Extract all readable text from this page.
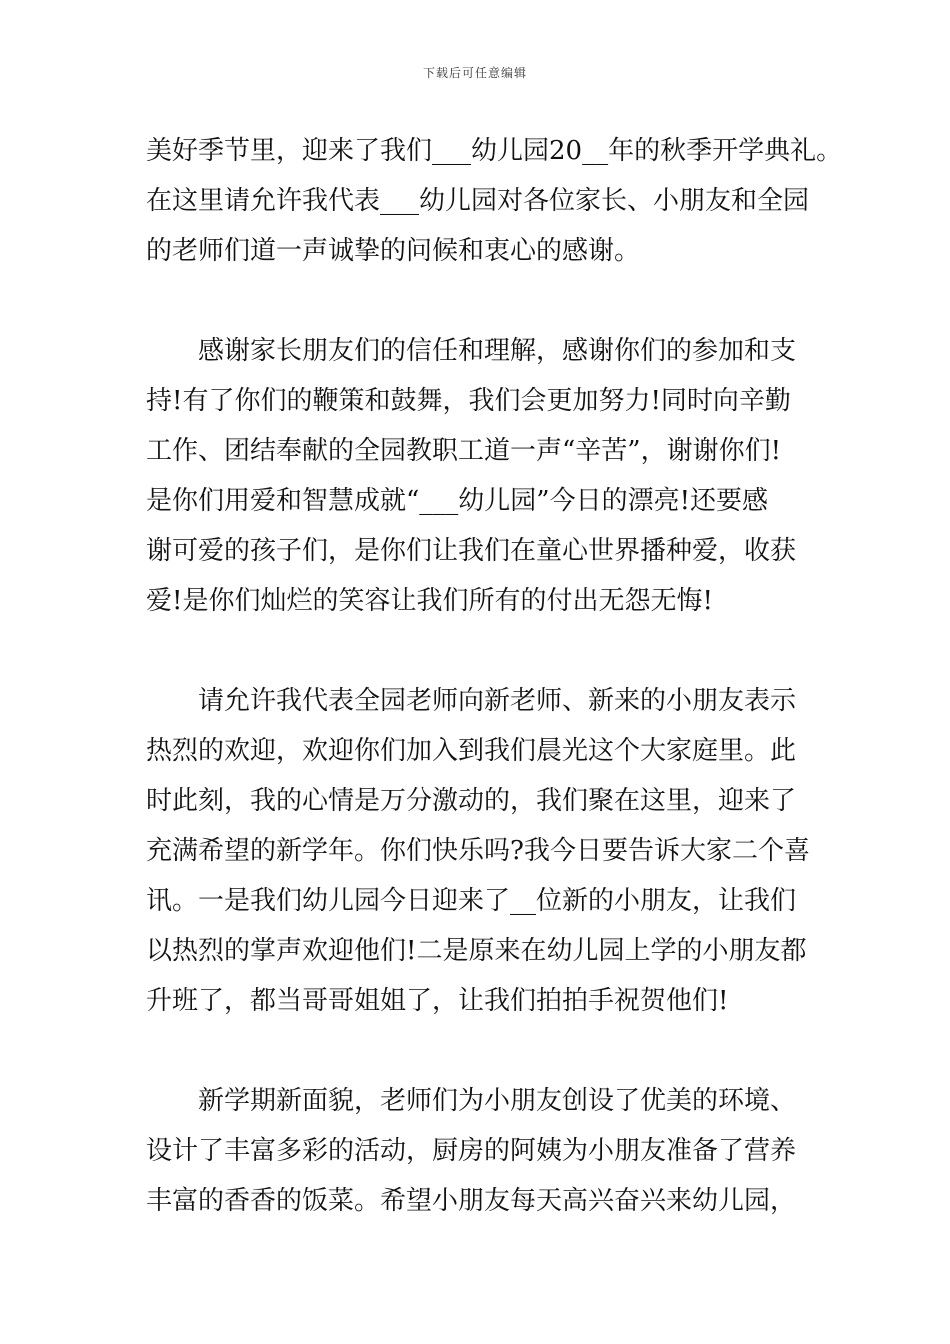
下载后可任意编辑
美好季节里，迎来了我们___幼儿园20__年的秋季开学典礼。
在这里请允许我代表___幼儿园对各位家长、小朋友和全园
的老师们道一声诚挚的问候和衷心的感谢。
感谢家长朋友们的信任和理解，感谢你们的参加和支
持!有了你们的鞭策和鼓舞，我们会更加努力!同时向辛勤
工作、团结奉献的全园教职工道一声“辛苦”，谢谢你们!
是你们用爱和智慧成就“___幼儿园”今日的漂亮!还要感
谢可爱的孩子们，是你们让我们在童心世界播种爱，收获
爱!是你们灿烂的笑容让我们所有的付出无怨无悔!
请允许我代表全园老师向新老师、新来的小朋友表示
热烈的欢迎，欢迎你们加入到我们晨光这个大家庭里。此
时此刻，我的心情是万分激动的，我们聚在这里，迎来了
充满希望的新学年。你们快乐吗?我今日要告诉大家二个喜
讯。一是我们幼儿园今日迎来了__位新的小朋友，让我们
以热烈的掌声欢迎他们!二是原来在幼儿园上学的小朋友都
升班了，都当哥哥姐姐了，让我们拍拍手祝贺他们!
新学期新面貌，老师们为小朋友创设了优美的环境、
设计了丰富多彩的活动，厨房的阿姨为小朋友准备了营养
丰富的香香的饭菜。希望小朋友每天高兴奋兴来幼儿园，
